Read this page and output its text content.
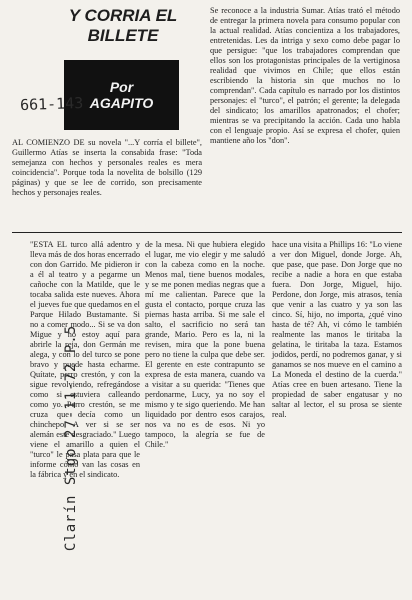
Y CORRIA EL
BILLETE
Por
AGAPITO
661-143

AL COMIENZO DE su novela "...Y corría el billete", Guillermo Atías se inserta la consabida frase: "Toda semejanza con hechos y personales reales es mera coincidencia". Porque toda la novelita de bolsillo (129 páginas) y que se lee de corrido, son precisamente hechos y personajes reales.

Se reconoce a la industria Sumar. Atías trató el método de entregar la primera novela para consumo popular con la actual realidad. Atías concientiza a los trabajadores, entretenidas. Les da intriga y sexo como debe pagar lo que persigue: "que los trabajadores comprendan que ellos son los protagonistas principales de la vertiginosa realidad que vivimos en Chile; que ellos están escribiendo la historia sin que muchos no lo comprendan". Cada capítulo es narrado por los distintos personajes: el "turco", el patrón; el gerente; la delegada del sindicato; los amarillos apatronados; el chofer; mientras se va precipitando la acción. Cada uno habla con el lenguaje propio. Así se expresa el chofer, quien mantiene año los "don".

"ESTA EL turco allá adentro y lleva más de dos horas encerrado con don Garrido. Me pidieron ir a él al teatro y a pegarme un cañoche con la Matilde, que le tocaba salida este nueves. Ahora el jueves fue que quedamos en el Parque Hilado Bustamante. Si no a comer modo... Si se va don Migue y no estoy aquí para abrirle la reja, don Germán me alega, y con lo del turco se pone bravo y puede hasta echarme. Quítate, perro crestón, y con la sigue revolviendo, refregándose como si estuviera calleando como yo. Perro crestón, se me cruza que decía como un chinchepo. A ver si se ser alemán este desgraciado." Luego viene el amarillo a quien el "turco" le pasa plata para que le informe cómo van las cosas en la fábrica y en el sindicato.

de la mesa. Ni que hubiera elegido el lugar, me vio elegir y me saludó con la cabeza como en la noche. Menos mal, tiene buenos modales, y se me ponen medias negras que a mí me calientan. Parece que la gusta el contacto, porque cruza las piernas hasta arriba. Si me sale el salto, el sacrificio no será tan grande, Mario. Pero es la, ni la revisen, mira que la pone buena pero no tiene la culpa que debe ser. El gerente en este contrapunto se expresa de esta manera, cuando va a visitar a su querida: "Tienes que perdonarme, Lucy, ya no soy el mismo y te sigo queriendo. Me han liquidado por dentro esos carajos, nos va no es de esos. Ni yo tampoco, la alegría se fue de Chile."

hace una visita a Phillips 16: "Lo viene a ver don Miguel, donde Jorge. Ah, que pase, que pase. Don Jorge que no recibe a nadie a hora en que estaba fuera. Don Jorge, Miguel, hijo. Perdone, don Jorge, mis atrasos, tenía que venir a las cuatro y ya son las cinco. Sí, hijo, no importa, ¿qué vino hasta de té? Ah, vi cómo le también realmente las manos le tiritaba la gelatina, le tiritaba la taza. Estamos jodidos, perdí, no podremos ganar, y si ganamos se nos mueve en el camino a La Moneda el destino de la cuerda." Atías cree en buen artesano. Tiene la propiedad de saber engatusar y no saltar al lector, el su prosa se siente real.

Clarín Stgo 27-11-72 P.5
